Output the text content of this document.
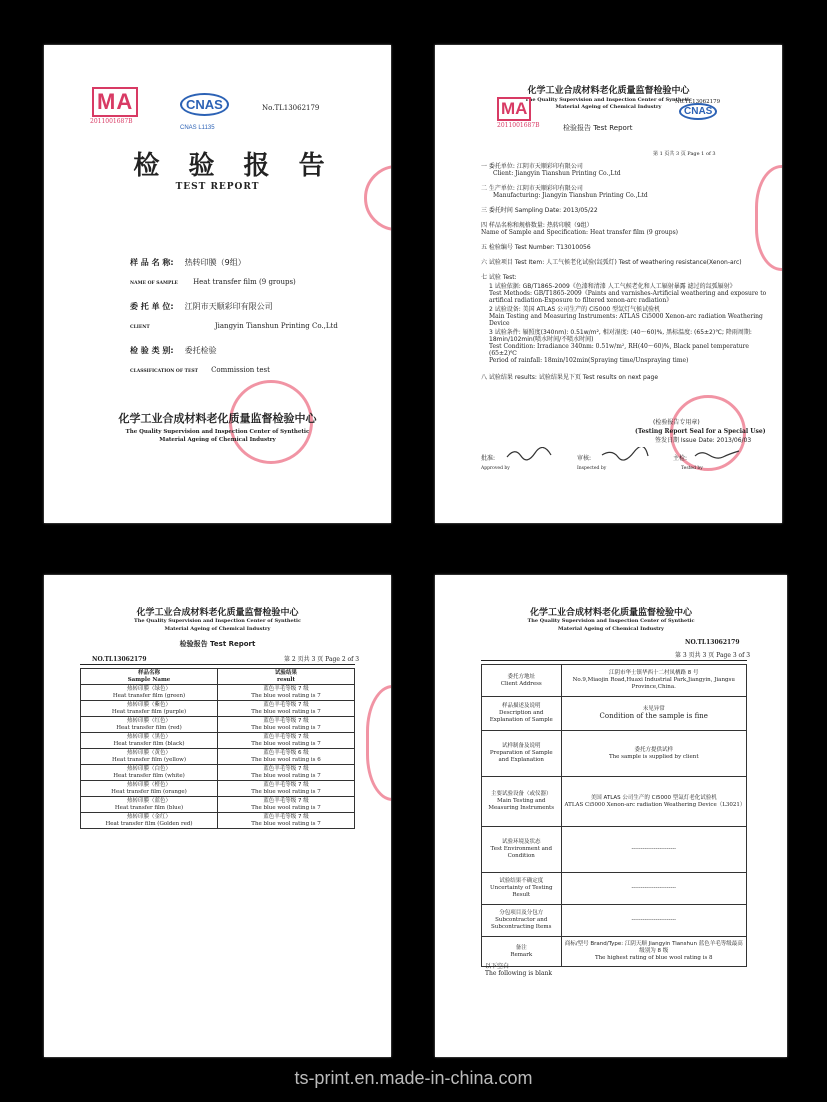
MA
2011001687B
CNAS
CNAS L1135
No.TL13062179
检 验 报 告
TEST REPORT
样 品 名 称: 热转印膜（9组）
NAME OF SAMPLE Heat transfer film (9 groups)
委 托 单 位: 江阴市天顺彩印有限公司
CLIENT	Jiangyin Tianshun Printing Co.,Ltd
检 验 类 别: 委托检验
CLASSIFICATION OF TEST Commission test
化学工业合成材料老化质量监督检验中心
The Quality Supervision and Inspection Center of Synthetic
Material Ageing of Chemical Industry
化学工业合成材料老化质量监督检验中心
The Quality Supervision and Inspection Center of Synthetic
Material Ageing of Chemical Industry
MA
2011001687B
CNAS
No.TL13062179
检验报告 Test Report
第 1 页共 3 页 Page 1 of 3
一 委托单位: 江阴市天顺彩印有限公司
Client: Jiangyin Tianshun Printing Co.,Ltd
二 生产单位: 江阴市天顺彩印有限公司
Manufacturing: Jiangyin Tianshun Printing Co.,Ltd
三 委托时间 Sampling Date: 2013/05/22
四 样品名称和规格数量: 热转印膜（9组）
Name of Sample and Specification: Heat transfer film (9 groups)
五 检验编号 Test Number: T13010056
六 试验项目 Test Item: 人工气候老化试验(氙弧灯) Test of weathering resistance(Xenon-arc)
七 试验 Test:
1 试验依据: GB/T1865-2009《色漆和清漆 人工气候老化和人工辐射暴露 滤过的氙弧辐射》
Test Methods: GB/T1865-2009《Paints and varnishes-Artificial weathering and exposure to artifical radiation-Exposure to filtered xenon-arc radiation》
2 试验设备: 美国 ATLAS 公司生产的 Ci5000 型氙灯气候试验机
Main Testing and Measuring Instruments: ATLAS Ci5000 Xenon-arc radiation Weathering Device
3 试验条件: 辐照度(340nm): 0.51w/m², 相对湿度: (40～60)%, 黑标温度: (65±2)℃; 降雨周期: 18min/102min(喷水时间/不喷水时间)
Test Condition: Irradiance 340nm: 0.51w/m², RH(40～60)%, Black panel temperature (65±2)℃
Period of rainfall: 18min/102min(Spraying time/Unspraying time)
八 试验结果 results: 试验结果见下页 Test results on next page
(检验报告专用章)
(Testing Report Seal for a Special Use)
签发日期 Issue Date: 2013/06/03
批准:	审核:	主检:
Approved by	Inspected by	Tested by
化学工业合成材料老化质量监督检验中心
The Quality Supervision and Inspection Center of Synthetic
Material Ageing of Chemical Industry
检验报告 Test Report
NO.TL13062179	第 2 页共 3 页 Page 2 of 3
样品名称
Sample Name	试验结果
result
热转印膜（绿色）
Heat transfer film (green)	蓝色羊毛等级 7 级
The blue wool rating is 7
热转印膜（紫色）
Heat transfer film (purple)	蓝色羊毛等级 7 级
The blue wool rating is 7
热转印膜（红色）
Heat transfer film (red)	蓝色羊毛等级 7 级
The blue wool rating is 7
热转印膜（黑色）
Heat transfer film (black)	蓝色羊毛等级 7 级
The blue wool rating is 7
热转印膜（黄色）
Heat transfer film (yellow)	蓝色羊毛等级 6 级
The blue wool rating is 6
热转印膜（白色）
Heat transfer film (white)	蓝色羊毛等级 7 级
The blue wool rating is 7
热转印膜（橙色）
Heat transfer film (orange)	蓝色羊毛等级 7 级
The blue wool rating is 7
热转印膜（蓝色）
Heat transfer film (blue)	蓝色羊毛等级 7 级
The blue wool rating is 7
热转印膜（金红）
Heat transfer film (Golden red)	蓝色羊毛等级 7 级
The blue wool rating is 7
化学工业合成材料老化质量监督检验中心
The Quality Supervision and Inspection Center of Synthetic
Material Ageing of Chemical Industry
NO.TL13062179
第 3 页共 3 页 Page 3 of 3
委托方地址
Client Address	江阴市华士镇华西十二村凤栖路 8 号
No.9,Miaojin Road,Huaxi Industrial Park,Jiangyin, Jiangsu Province,China.
样品描述及说明
Description and Explanation of Sample	未见异常
Condition of the sample is fine
试样制备及说明
Preparation of Sample and Explanation	委托方提供试样
The sample is supplied by client
主要试验设备（或仪器）
Main Testing and Measuring Instruments	美国 ATLAS 公司生产的 Ci5000 型氙灯老化试验机
ATLAS Ci5000 Xenon-arc radiation Weathering Device（L3021）
试验环境及状态
Test Environment and Condition	------------------------
试验结果不确定度
Uncertainty of Testing Result	------------------------
分包项目及分包方
Subcontractor and Subcontracting Items	------------------------
备注
Remark	商标/型号 Brand/Type: 江阴天顺 Jiangyin Tianshun 蓝色羊毛等级最高级别为 8 级
The highest rating of blue wool rating is 8
以下空白
The following is blank
ts-print.en.made-in-china.com
